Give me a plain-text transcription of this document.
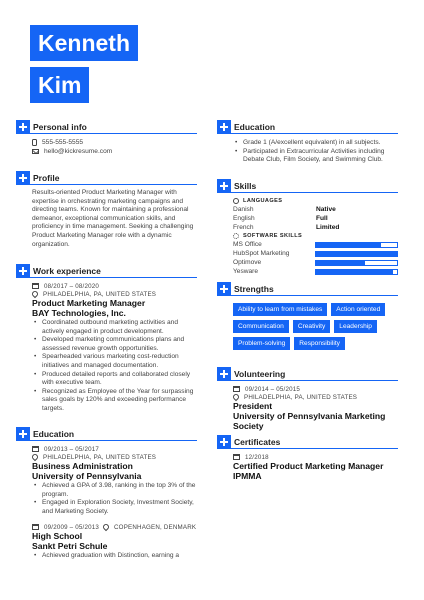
Kenneth
Kim
Personal info
555-555-5555
hello@kickresume.com
Profile
Results-oriented Product Marketing Manager with expertise in orchestrating marketing campaigns and directing teams. Known for maintaining a professional demeanor, exceptional communication skills, and proficiency in time management. Seeking a challenging Product Marketing Manager role with a dynamic organization.
Work experience
08/2017 – 08/2020
PHILADELPHIA, PA, UNITED STATES
Product Marketing Manager
BAY Technologies, Inc.
• Coordinated outbound marketing activities and actively engaged in product development.
• Developed marketing communications plans and assessed revenue growth opportunities.
• Spearheaded various marketing cost-reduction initiatives and managed documentation.
• Produced detailed reports and collaborated closely with executive team.
• Recognized as Employee of the Year for surpassing sales goals by 120% and exceeding performance targets.
Education
09/2013 – 05/2017
PHILADELPHIA, PA, UNITED STATES
Business Administration
University of Pennsylvania
• Achieved a GPA of 3.98, ranking in the top 3% of the program.
• Engaged in Exploration Society, Investment Society, and Marketing Society.
09/2009 – 05/2013 COPENHAGEN, DENMARK
High School
Sankt Petri Schule
• Achieved graduation with Distinction, earning a
Education
• Grade 1 (A/excellent equivalent) in all subjects.
• Participated in Extracurricular Activities including Debate Club, Film Society, and Swimming Club.
Skills
LANGUAGES
Danish	Native
English	Full
French	Limited
SOFTWARE SKILLS
MS Office
HubSpot Marketing
Optimove
Yesware
Strengths
Ability to learn from mistakes	Action oriented
Communication	Creativity	Leadership
Problem-solving	Responsibility
Volunteering
09/2014 – 05/2015
PHILADELPHIA, PA, UNITED STATES
President
University of Pennsylvania Marketing Society
Certificates
12/2018
Certified Product Marketing Manager
IPMMA
